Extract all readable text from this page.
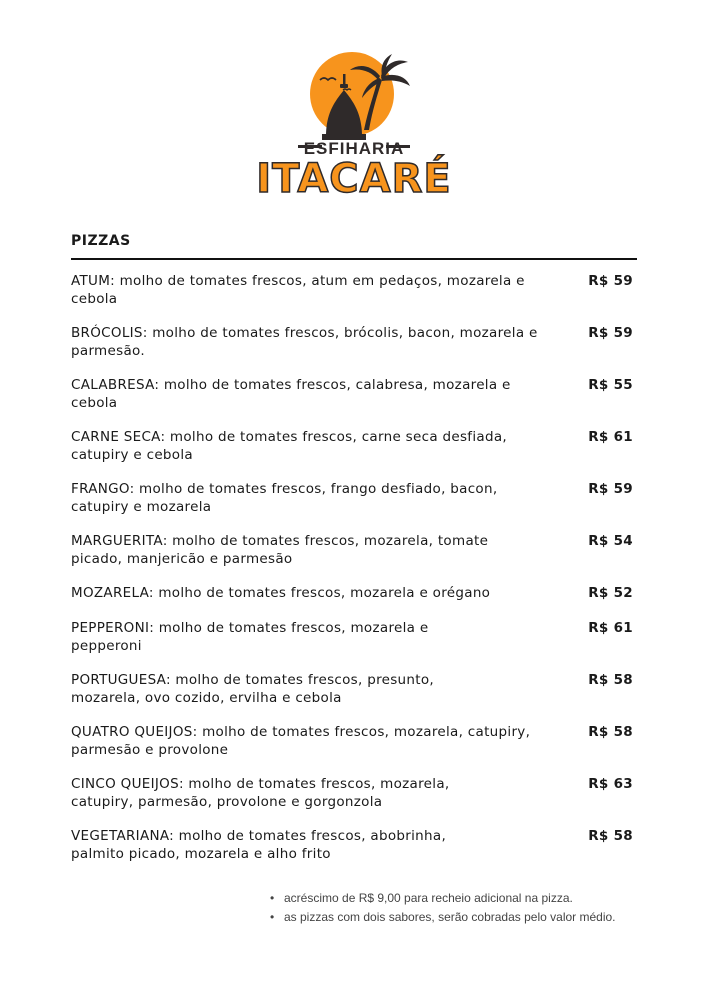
ESFIHARIA
ITACARÉ
PIZZAS
ATUM: molho de tomates frescos, atum em pedaços, mozarela e cebola
R$ 59
BRÓCOLIS: molho de tomates frescos, brócolis, bacon, mozarela e parmesão.
R$ 59
CALABRESA: molho de tomates frescos, calabresa, mozarela e cebola
R$ 55
CARNE SECA: molho de tomates frescos, carne seca desfiada, catupiry e cebola
R$ 61
FRANGO: molho de tomates frescos, frango desfiado, bacon, catupiry e mozarela
R$ 59
MARGUERITA: molho de tomates frescos, mozarela, tomate picado, manjericão e parmesão
R$ 54
MOZARELA: molho de tomates frescos, mozarela e orégano	R$ 52
PEPPERONI: molho de tomates frescos, mozarela e pepperoni
R$ 61
PORTUGUESA: molho de tomates frescos, presunto, mozarela, ovo cozido, ervilha e cebola
R$ 58
QUATRO QUEIJOS: molho de tomates frescos, mozarela, catupiry, parmesão e provolone
R$ 58
CINCO QUEIJOS: molho de tomates frescos, mozarela, catupiry, parmesão, provolone e gorgonzola
R$ 63
VEGETARIANA: molho de tomates frescos, abobrinha, palmito picado, mozarela e alho frito
R$ 58
• acréscimo de R$ 9,00 para recheio adicional na pizza.
• as pizzas com dois sabores, serão cobradas pelo valor médio.
